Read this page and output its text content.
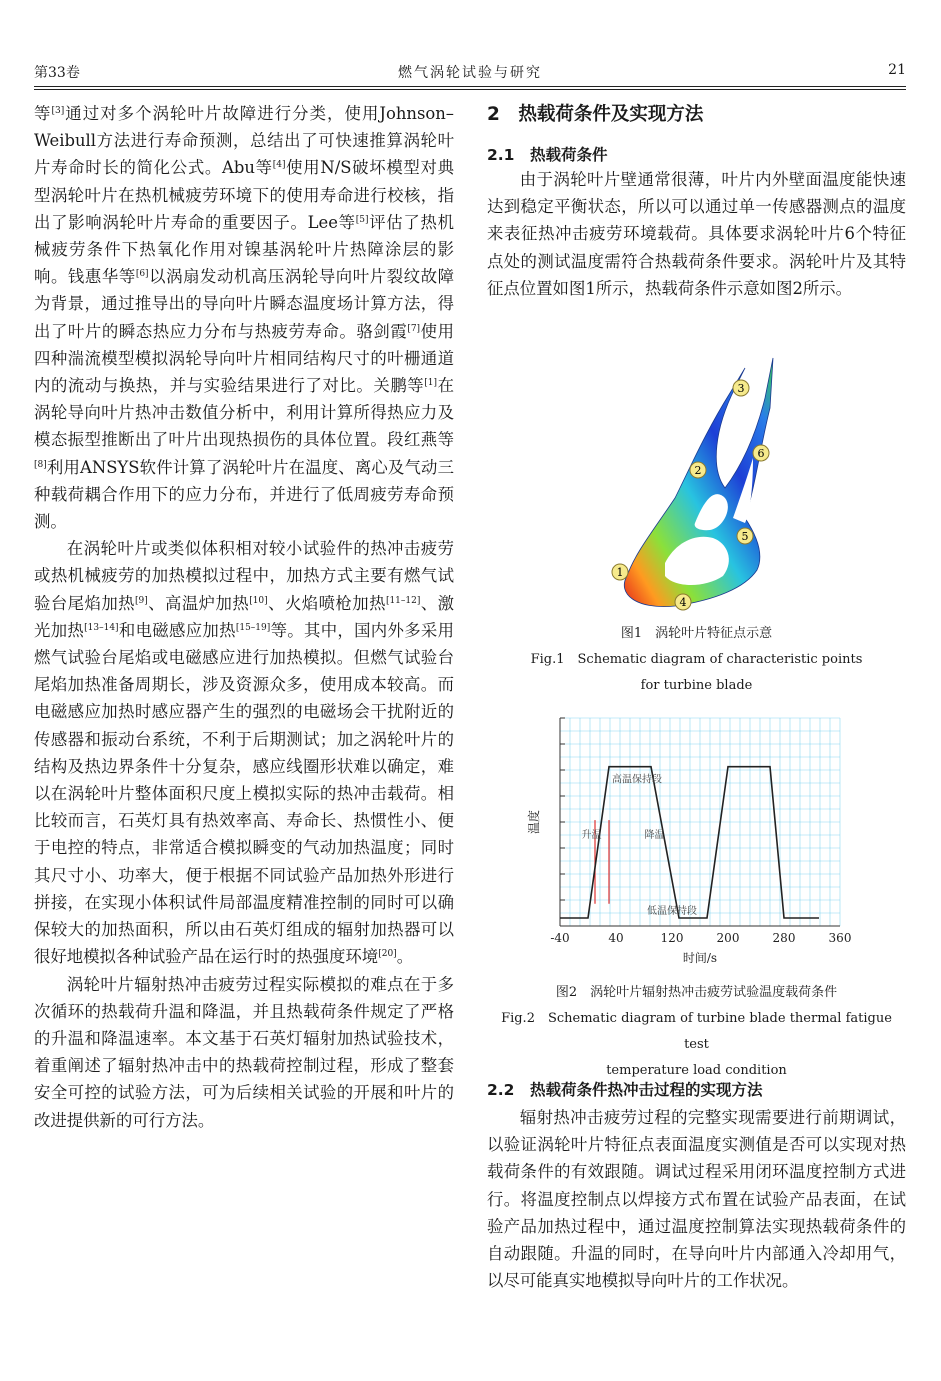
第33卷	燃气涡轮试验与研究	21

等[3]通过对多个涡轮叶片故障进行分类，使用Johnson–Weibull方法进行寿命预测，总结出了可快速推算涡轮叶片寿命时长的简化公式。Abu等[4]使用N/S破坏模型对典型涡轮叶片在热机械疲劳环境下的使用寿命进行校核，指出了影响涡轮叶片寿命的重要因子。Lee等[5]评估了热机械疲劳条件下热氧化作用对镍基涡轮叶片热障涂层的影响。钱惠华等[6]以涡扇发动机高压涡轮导向叶片裂纹故障为背景，通过推导出的导向叶片瞬态温度场计算方法，得出了叶片的瞬态热应力分布与热疲劳寿命。骆剑霞[7]使用四种湍流模型模拟涡轮导向叶片相同结构尺寸的叶栅通道内的流动与换热，并与实验结果进行了对比。关鹏等[1]在涡轮导向叶片热冲击数值分析中，利用计算所得热应力及模态振型推断出了叶片出现热损伤的具体位置。段红燕等[8]利用ANSYS软件计算了涡轮叶片在温度、离心及气动三种载荷耦合作用下的应力分布，并进行了低周疲劳寿命预测。

在涡轮叶片或类似体积相对较小试验件的热冲击疲劳或热机械疲劳的加热模拟过程中，加热方式主要有燃气试验台尾焰加热[9]、高温炉加热[10]、火焰喷枪加热[11–12]、激光加热[13–14]和电磁感应加热[15–19]等。其中，国内外多采用燃气试验台尾焰或电磁感应进行加热模拟。但燃气试验台尾焰加热准备周期长，涉及资源众多，使用成本较高。而电磁感应加热时感应器产生的强烈的电磁场会干扰附近的传感器和振动台系统，不利于后期测试；加之涡轮叶片的结构及热边界条件十分复杂，感应线圈形状难以确定，难以在涡轮叶片整体面积尺度上模拟实际的热冲击载荷。相比较而言，石英灯具有热效率高、寿命长、热惯性小、便于电控的特点，非常适合模拟瞬变的气动加热温度；同时其尺寸小、功率大，便于根据不同试验产品加热外形进行拼接，在实现小体积试件局部温度精准控制的同时可以确保较大的加热面积，所以由石英灯组成的辐射加热器可以很好地模拟各种试验产品在运行时的热强度环境[20]。

涡轮叶片辐射热冲击疲劳过程实际模拟的难点在于多次循环的热载荷升温和降温，并且热载荷条件规定了严格的升温和降温速率。本文基于石英灯辐射加热试验技术，着重阐述了辐射热冲击中的热载荷控制过程，形成了整套安全可控的试验方法，可为后续相关试验的开展和叶片的改进提供新的可行方法。

2　热载荷条件及实现方法
2.1　热载荷条件

由于涡轮叶片壁通常很薄，叶片内外壁面温度能快速达到稳定平衡状态，所以可以通过单一传感器测点的温度来表征热冲击疲劳环境载荷。具体要求涡轮叶片6个特征点处的测试温度需符合热载荷条件要求。涡轮叶片及其特征点位置如图1所示，热载荷条件示意如图2所示。

1
2
3
4
5
6
图1　涡轮叶片特征点示意
Fig.1　Schematic diagram of characteristic points
for turbine blade
-40	40	120	200	280	360
时间/s
温度
高温保持段
升温	降温
低温保持段
图2　涡轮叶片辐射热冲击疲劳试验温度载荷条件
Fig.2　Schematic diagram of turbine blade thermal fatigue test
temperature load condition
2.2　热载荷条件热冲击过程的实现方法

辐射热冲击疲劳过程的完整实现需要进行前期调试，以验证涡轮叶片特征点表面温度实测值是否可以实现对热载荷条件的有效跟随。调试过程采用闭环温度控制方式进行。将温度控制点以焊接方式布置在试验产品表面，在试验产品加热过程中，通过温度控制算法实现热载荷条件的自动跟随。升温的同时，在导向叶片内部通入冷却用气，以尽可能真实地模拟导向叶片的工作状况。
